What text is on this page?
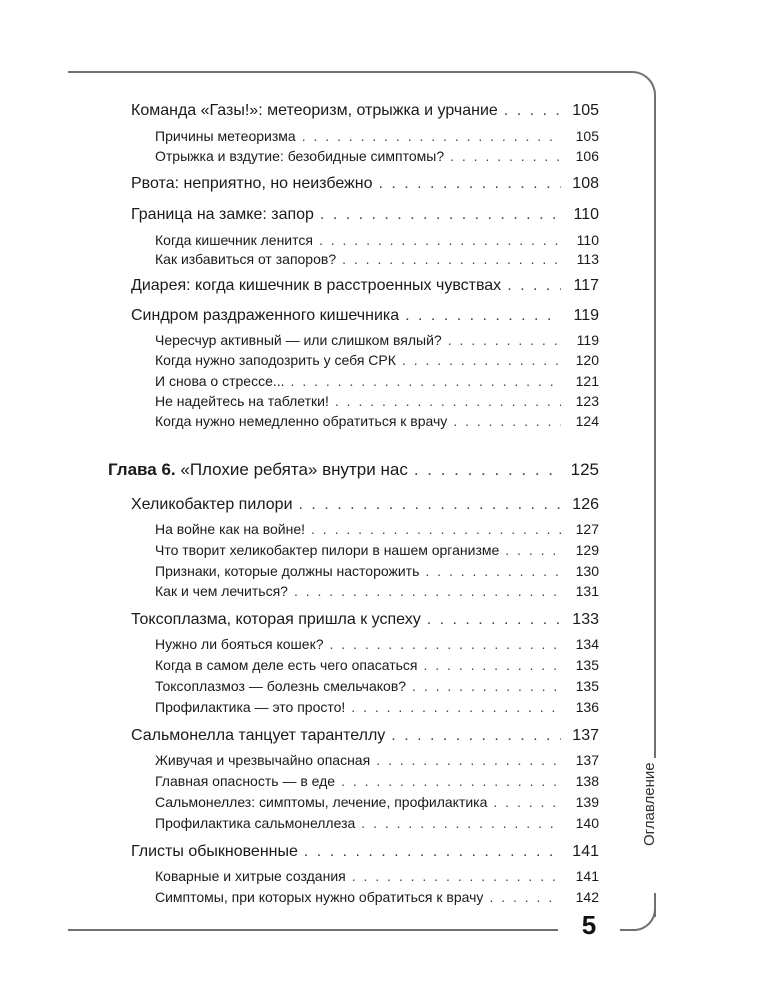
Оглавление
5
Команда «Газы!»: метеоризм, отрыжка и урчание . . .	105
Причины метеоризма . . .	105
Отрыжка и вздутие: безобидные симптомы? . . .	106
Рвота: неприятно, но неизбежно . . .	108
Граница на замке: запор . . .	110
Когда кишечник ленится . . .	110
Как избавиться от запоров? . . .	113
Диарея: когда кишечник в расстроенных чувствах . . .	117
Синдром раздраженного кишечника . . .	119
Чересчур активный — или слишком вялый? . . .	119
Когда нужно заподозрить у себя СРК . . .	120
И снова о стрессе... . . .	121
Не надейтесь на таблетки! . . .	123
Когда нужно немедленно обратиться к врачу . . .	124
Глава 6. «Плохие ребята» внутри нас . . .	125
Хеликобактер пилори . . .	126
На войне как на войне! . . .	127
Что творит хеликобактер пилори в нашем организме . . .	129
Признаки, которые должны насторожить . . .	130
Как и чем лечиться? . . .	131
Токсоплазма, которая пришла к успеху . . .	133
Нужно ли бояться кошек? . . .	134
Когда в самом деле есть чего опасаться . . .	135
Токсоплазмоз — болезнь смельчаков? . . .	135
Профилактика — это просто! . . .	136
Сальмонелла танцует тарантеллу . . .	137
Живучая и чрезвычайно опасная . . .	137
Главная опасность — в еде . . .	138
Сальмонеллез: симптомы, лечение, профилактика . . .	139
Профилактика сальмонеллеза . . .	140
Глисты обыкновенные . . .	141
Коварные и хитрые создания . . .	141
Симптомы, при которых нужно обратиться к врачу . . .	142
